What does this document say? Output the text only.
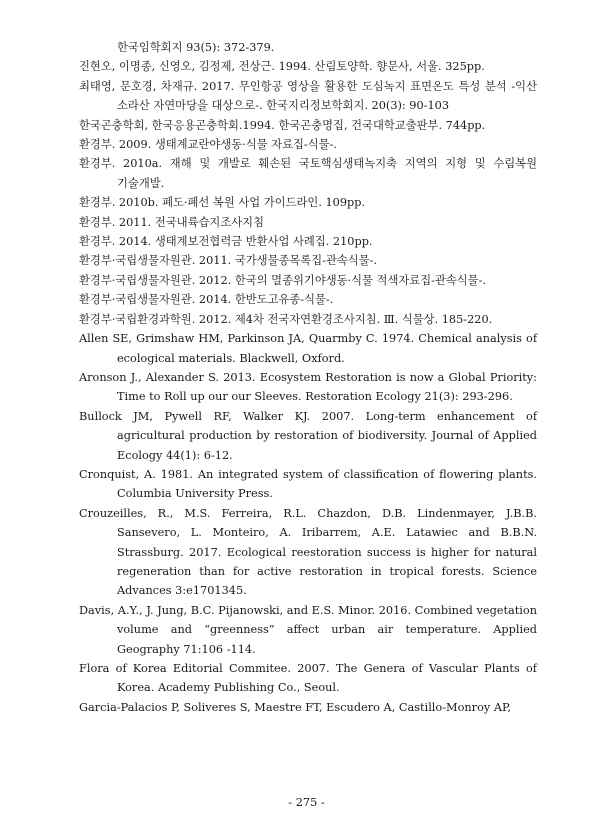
한국임학회지 93(5): 372-379.
진현오, 이명종, 신영오, 김정제, 전상근. 1994. 산림토양학. 향문사, 서울. 325pp.
최태영, 문호경, 차재규. 2017. 무인항공 영상을 활용한 도심녹지 표면온도 특성 분석 -익산 소라산 자연마당을 대상으로-. 한국지리정보학회지. 20(3): 90-103
한국곤충학회, 한국응용곤충학회.1994. 한국곤충명집, 건국대학교출판부. 744pp.
환경부. 2009. 생태계교란야생동·식물 자료집-식물-.
환경부. 2010a. 재해 및 개발로 훼손된 국토핵심생태녹지축 지역의 지형 및 수림복원 기술개발.
환경부. 2010b. 폐도·폐선 복원 사업 가이드라인. 109pp.
환경부. 2011. 전국내륙습지조사지침
환경부. 2014. 생태계보전협력금 반환사업 사례집. 210pp.
환경부·국립생물자원관. 2011. 국가생물종목록집-관속식물-.
환경부·국립생물자원관. 2012. 한국의 멸종위기야생동·식물 적색자료집-관속식물-.
환경부·국립생물자원관. 2014. 한반도고유종-식물-.
환경부·국립환경과학원. 2012. 제4차 전국자연환경조사지침. Ⅲ. 식물상. 185-220.
Allen SE, Grimshaw HM, Parkinson JA, Quarmby C. 1974. Chemical analysis of ecological materials. Blackwell, Oxford.
Aronson J., Alexander S. 2013. Ecosystem Restoration is now a Global Priority: Time to Roll up our our Sleeves. Restoration Ecology 21(3): 293-296.
Bullock JM, Pywell RF, Walker KJ. 2007. Long-term enhancement of agricultural production by restoration of biodiversity. Journal of Applied Ecology 44(1): 6-12.
Cronquist, A. 1981. An integrated system of classification of flowering plants. Columbia University Press.
Crouzeilles, R., M.S. Ferreira, R.L. Chazdon, D.B. Lindenmayer, J.B.B. Sansevero, L. Monteiro, A. Iribarrem, A.E. Latawiec and B.B.N. Strassburg. 2017. Ecological reestoration success is higher for natural regeneration than for active restoration in tropical forests. Science Advances 3:e1701345.
Davis, A.Y., J. Jung, B.C. Pijanowski, and E.S. Minor. 2016. Combined vegetation volume and “greenness” affect urban air temperature. Applied Geography 71:106 -114.
Flora of Korea Editorial Commitee. 2007. The Genera of Vascular Plants of Korea. Academy Publishing Co., Seoul.
Garcia-Palacios P, Soliveres S, Maestre FT, Escudero A, Castillo-Monroy AP,
- 275 -
